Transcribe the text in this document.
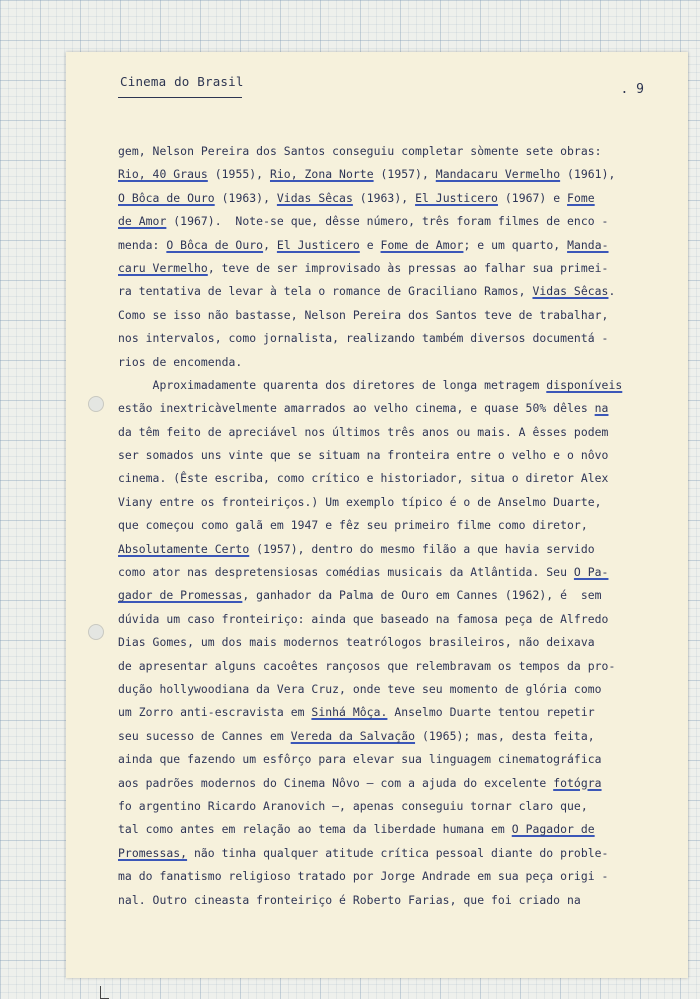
Cinema do Brasil
. 9
gem, Nelson Pereira dos Santos conseguiu completar sòmente sete obras:
Rio, 40 Graus (1955), Rio, Zona Norte (1957), Mandacaru Vermelho (1961),
O Bôca de Ouro (1963), Vidas Sêcas (1963), El Justicero (1967) e Fome
de Amor (1967).  Note-se que, dêsse número, três foram filmes de enco -
menda: O Bôca de Ouro, El Justicero e Fome de Amor; e um quarto, Manda-
caru Vermelho, teve de ser improvisado às pressas ao falhar sua primei-
ra tentativa de levar à tela o romance de Graciliano Ramos, Vidas Sêcas.
Como se isso não bastasse, Nelson Pereira dos Santos teve de trabalhar,
nos intervalos, como jornalista, realizando também diversos documentá -
rios de encomenda.
Aproximadamente quarenta dos diretores de longa metragem disponíveis
estão inextricàvelmente amarrados ao velho cinema, e quase 50% dêles na
da têm feito de apreciável nos últimos três anos ou mais. A êsses podem
ser somados uns vinte que se situam na fronteira entre o velho e o nôvo
cinema. (Êste escriba, como crítico e historiador, situa o diretor Alex
Viany entre os fronteiriços.) Um exemplo típico é o de Anselmo Duarte,
que começou como galã em 1947 e fêz seu primeiro filme como diretor,
Absolutamente Certo (1957), dentro do mesmo filão a que havia servido
como ator nas despretensiosas comédias musicais da Atlântida. Seu O Pa-
gador de Promessas, ganhador da Palma de Ouro em Cannes (1962), é  sem
dúvida um caso fronteiriço: ainda que baseado na famosa peça de Alfredo
Dias Gomes, um dos mais modernos teatrólogos brasileiros, não deixava
de apresentar alguns cacoêtes rançosos que relembravam os tempos da pro-
dução hollywoodiana da Vera Cruz, onde teve seu momento de glória como
um Zorro anti-escravista em Sinhá Môça. Anselmo Duarte tentou repetir
seu sucesso de Cannes em Vereda da Salvação (1965); mas, desta feita,
ainda que fazendo um esfôrço para elevar sua linguagem cinematográfica
aos padrões modernos do Cinema Nôvo — com a ajuda do excelente fotógra
fo argentino Ricardo Aranovich —, apenas conseguiu tornar claro que,
tal como antes em relação ao tema da liberdade humana em O Pagador de
Promessas, não tinha qualquer atitude crítica pessoal diante do proble-
ma do fanatismo religioso tratado por Jorge Andrade em sua peça origi -
nal. Outro cineasta fronteiriço é Roberto Farias, que foi criado na
